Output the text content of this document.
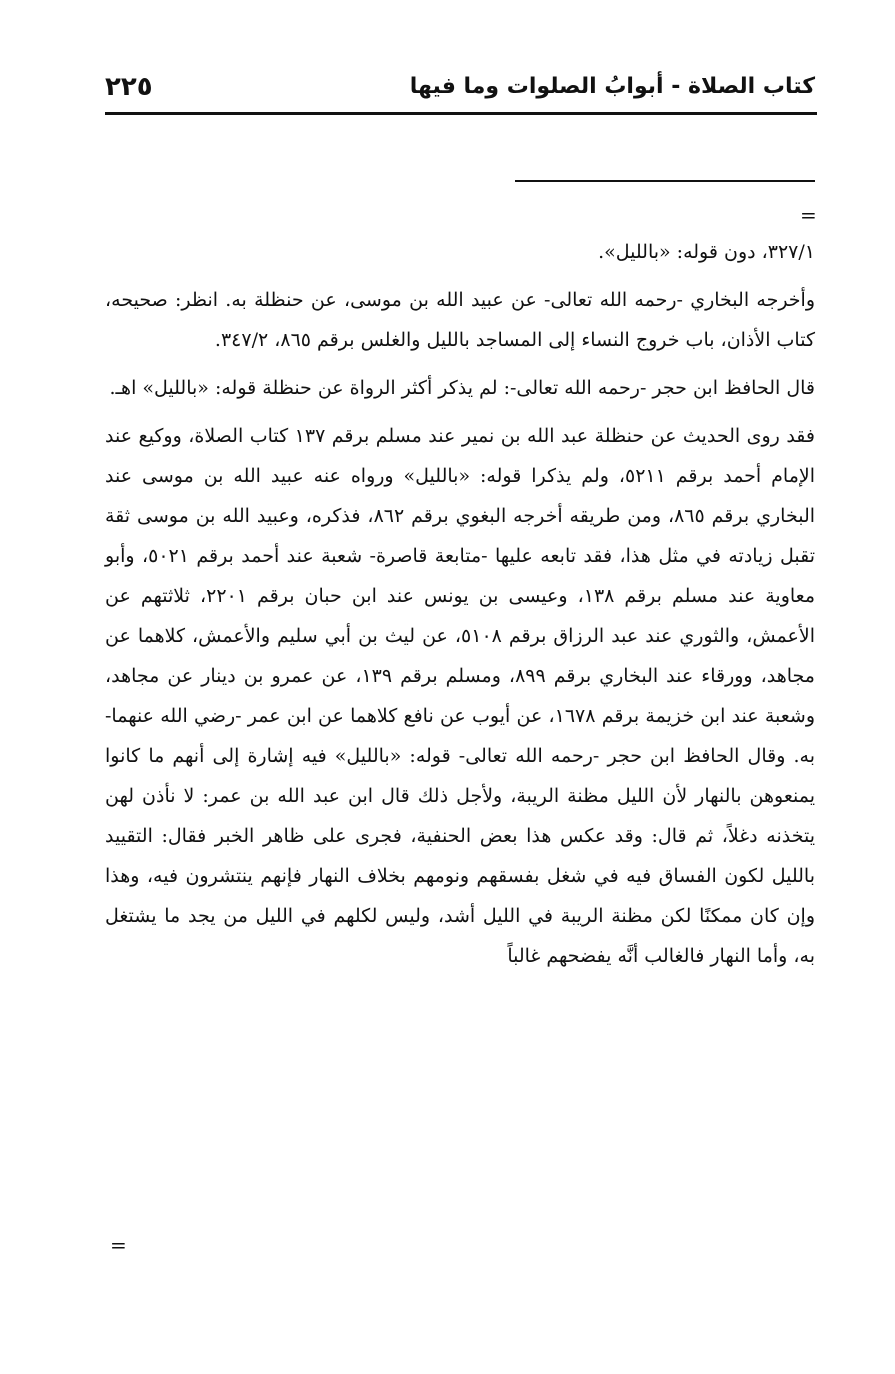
كتاب الصلاة - أبوابُ الصلوات وما فيها
٢٢٥
=

٣٢٧/١، دون قوله: «بالليل».

وأخرجه البخاري -رحمه الله تعالى- عن عبيد الله بن موسى، عن حنظلة به. انظر: صحيحه، كتاب الأذان، باب خروج النساء إلى المساجد بالليل والغلس برقم ٨٦٥، ٣٤٧/٢.

قال الحافظ ابن حجر -رحمه الله تعالى-: لم يذكر أكثر الرواة عن حنظلة قوله: «بالليل» اهـ.

فقد روى الحديث عن حنظلة عبد الله بن نمير عند مسلم برقم ١٣٧ كتاب الصلاة، ووكيع عند الإمام أحمد برقم ٥٢١١، ولم يذكرا قوله: «بالليل» ورواه عنه عبيد الله بن موسى عند البخاري برقم ٨٦٥، ومن طريقه أخرجه البغوي برقم ٨٦٢، فذكره، وعبيد الله بن موسى ثقة تقبل زيادته في مثل هذا، فقد تابعه عليها -متابعة قاصرة- شعبة عند أحمد برقم ٥٠٢١، وأبو معاوية عند مسلم برقم ١٣٨، وعيسى بن يونس عند ابن حبان برقم ٢٢٠١، ثلاثتهم عن الأعمش، والثوري عند عبد الرزاق برقم ٥١٠٨، عن ليث بن أبي سليم والأعمش، كلاهما عن مجاهد، وورقاء عند البخاري برقم ٨٩٩، ومسلم برقم ١٣٩، عن عمرو بن دينار عن مجاهد، وشعبة عند ابن خزيمة برقم ١٦٧٨، عن أيوب عن نافع كلاهما عن ابن عمر -رضي الله عنهما- به. وقال الحافظ ابن حجر -رحمه الله تعالى- قوله: «بالليل» فيه إشارة إلى أنهم ما كانوا يمنعوهن بالنهار لأن الليل مظنة الريبة، ولأجل ذلك قال ابن عبد الله بن عمر: لا نأذن لهن يتخذنه دغلاً، ثم قال: وقد عكس هذا بعض الحنفية، فجرى على ظاهر الخبر فقال: التقييد بالليل لكون الفساق فيه في شغل بفسقهم ونومهم بخلاف النهار فإنهم ينتشرون فيه، وهذا وإن كان ممكنًا لكن مظنة الريبة في الليل أشد، وليس لكلهم في الليل من يجد ما يشتغل به، وأما النهار فالغالب أنَّه يفضحهم غالباً

=
